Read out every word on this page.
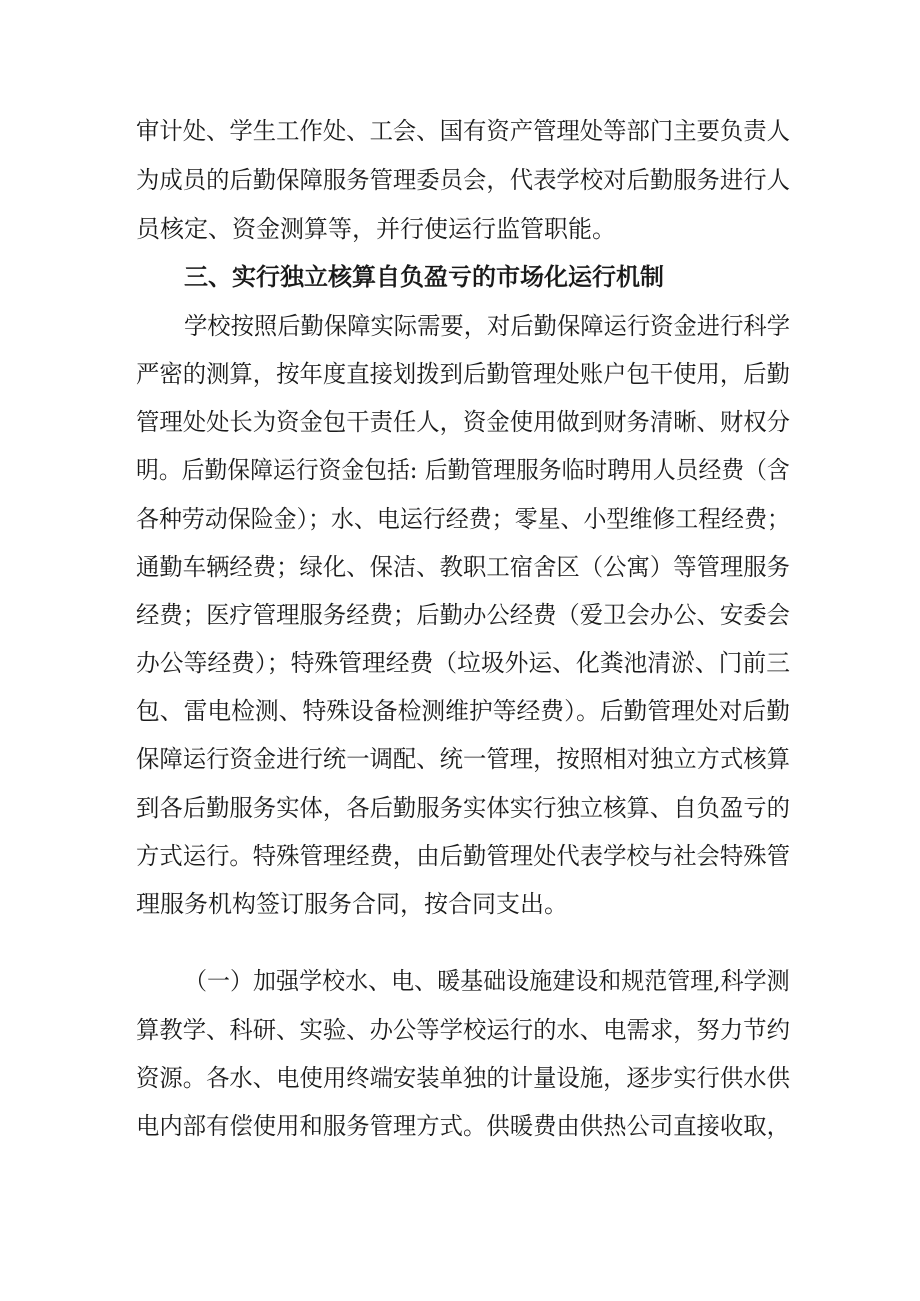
审计处、学生工作处、工会、国有资产管理处等部门主要负责人
为成员的后勤保障服务管理委员会，代表学校对后勤服务进行人
员核定、资金测算等，并行使运行监管职能。
三、实行独立核算自负盈亏的市场化运行机制
学校按照后勤保障实际需要，对后勤保障运行资金进行科学
严密的测算，按年度直接划拨到后勤管理处账户包干使用，后勤
管理处处长为资金包干责任人，资金使用做到财务清晰、财权分
明。后勤保障运行资金包括: 后勤管理服务临时聘用人员经费（含
各种劳动保险金）；水、电运行经费；零星、小型维修工程经费；
通勤车辆经费；绿化、保洁、教职工宿舍区（公寓）等管理服务
经费；医疗管理服务经费；后勤办公经费（爱卫会办公、安委会
办公等经费）；特殊管理经费（垃圾外运、化粪池清淤、门前三
包、雷电检测、特殊设备检测维护等经费）。后勤管理处对后勤
保障运行资金进行统一调配、统一管理，按照相对独立方式核算
到各后勤服务实体，各后勤服务实体实行独立核算、自负盈亏的
方式运行。特殊管理经费，由后勤管理处代表学校与社会特殊管
理服务机构签订服务合同，按合同支出。
（一）加强学校水、电、暖基础设施建设和规范管理,科学测
算教学、科研、实验、办公等学校运行的水、电需求，努力节约
资源。各水、电使用终端安装单独的计量设施，逐步实行供水供
电内部有偿使用和服务管理方式。供暖费由供热公司直接收取，
